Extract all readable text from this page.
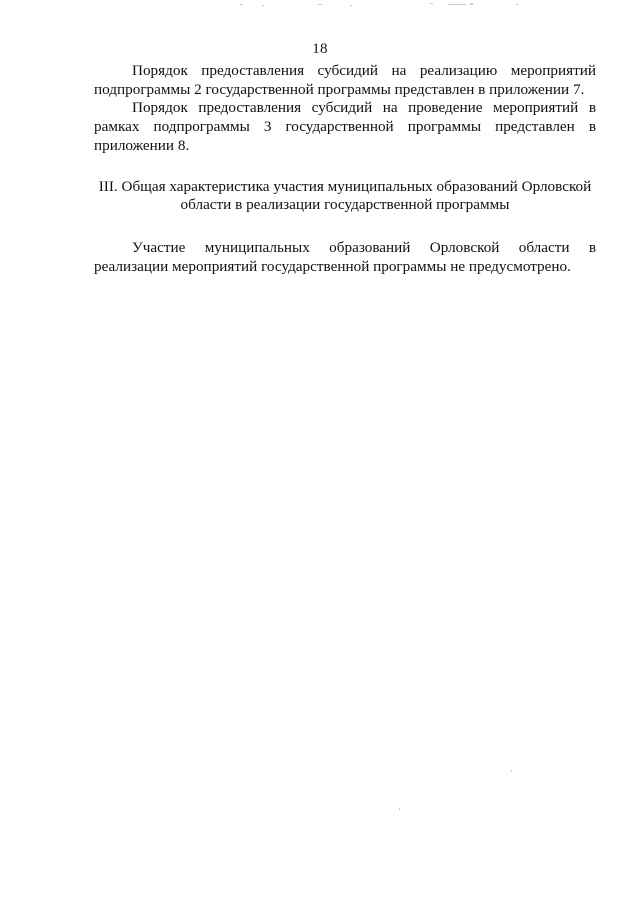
18

Порядок предоставления субсидий на реализацию мероприятий подпрограммы 2 государственной программы представлен в приложении 7.

Порядок предоставления субсидий на проведение мероприятий в рамках подпрограммы 3 государственной программы представлен в приложении 8.

III. Общая характеристика участия муниципальных образований Орловской области в реализации государственной программы

Участие муниципальных образований Орловской области в реализации мероприятий государственной программы не предусмотрено.
